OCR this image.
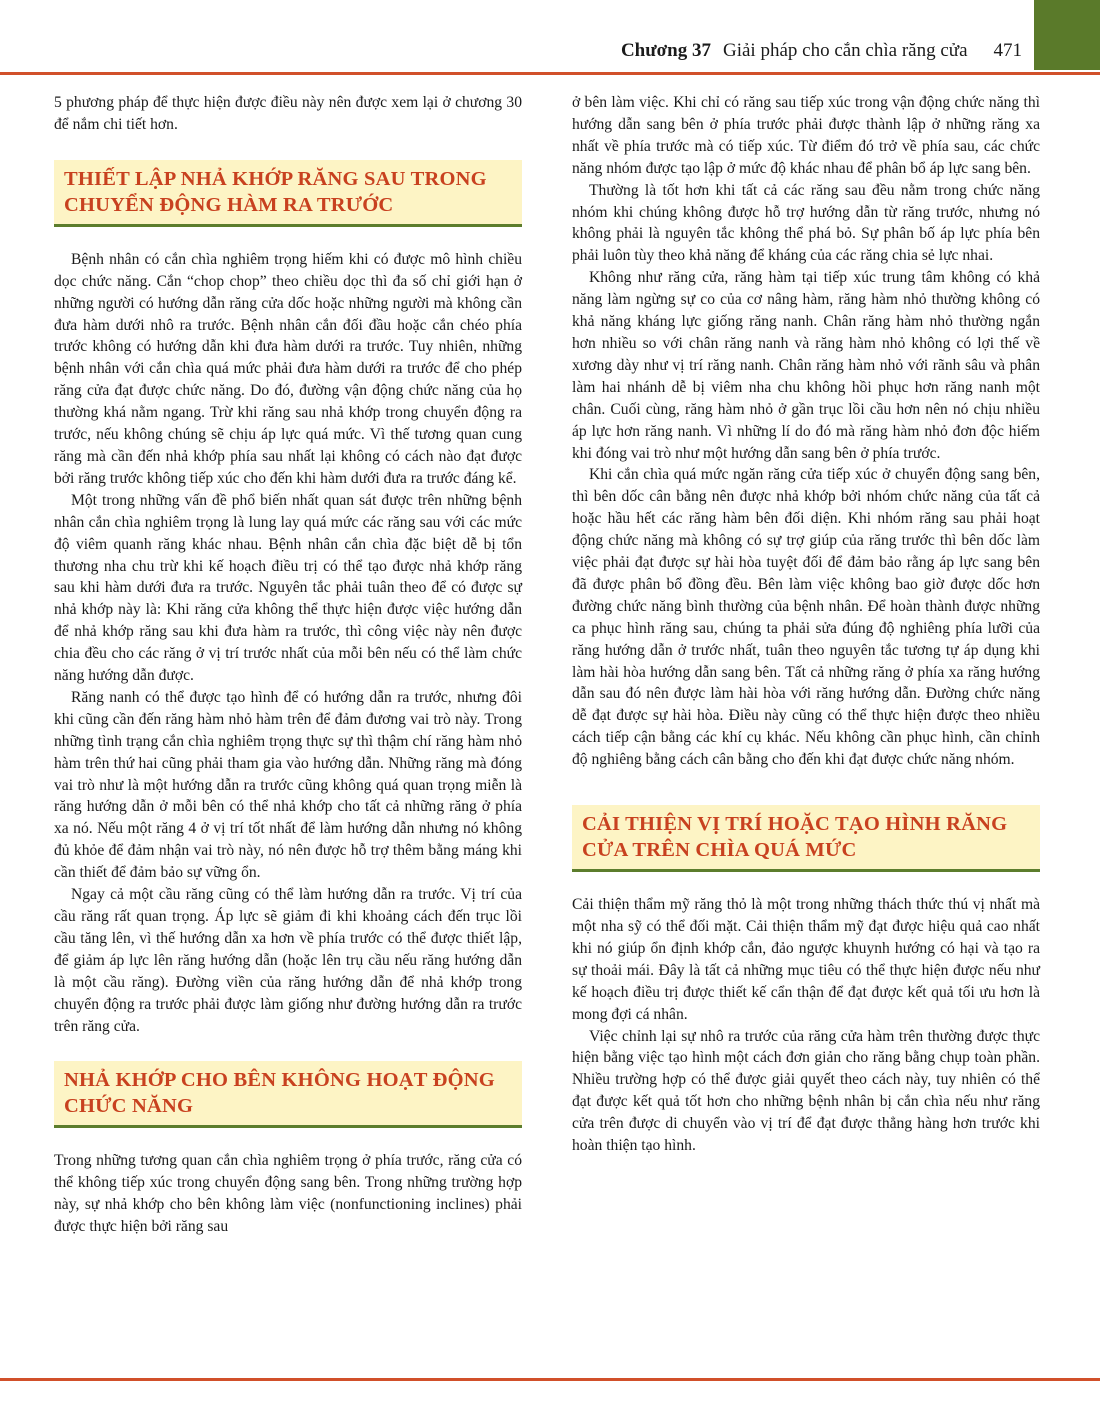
Chương 37 Giải pháp cho cắn chìa răng cửa 471

5 phương pháp để thực hiện được điều này nên được xem lại ở chương 30 để nắm chi tiết hơn.

THIẾT LẬP NHẢ KHỚP RĂNG SAU TRONG CHUYỂN ĐỘNG HÀM RA TRƯỚC

Bệnh nhân có cắn chìa nghiêm trọng hiếm khi có được mô hình chiều dọc chức năng. Cắn “chop chop” theo chiều dọc thì đa số chỉ giới hạn ở những người có hướng dẫn răng cửa dốc hoặc những người mà không cần đưa hàm dưới nhô ra trước. Bệnh nhân cắn đối đầu hoặc cắn chéo phía trước không có hướng dẫn khi đưa hàm dưới ra trước. Tuy nhiên, những bệnh nhân với cắn chìa quá mức phải đưa hàm dưới ra trước để cho phép răng cửa đạt được chức năng. Do đó, đường vận động chức năng của họ thường khá nằm ngang. Trừ khi răng sau nhả khớp trong chuyển động ra trước, nếu không chúng sẽ chịu áp lực quá mức. Vì thế tương quan cung răng mà cần đến nhả khớp phía sau nhất lại không có cách nào đạt được bởi răng trước không tiếp xúc cho đến khi hàm dưới đưa ra trước đáng kể.

Một trong những vấn đề phổ biến nhất quan sát được trên những bệnh nhân cắn chìa nghiêm trọng là lung lay quá mức các răng sau với các mức độ viêm quanh răng khác nhau. Bệnh nhân cắn chìa đặc biệt dễ bị tổn thương nha chu trừ khi kế hoạch điều trị có thể tạo được nhả khớp răng sau khi hàm dưới đưa ra trước. Nguyên tắc phải tuân theo để có được sự nhả khớp này là: Khi răng cửa không thể thực hiện được việc hướng dẫn để nhả khớp răng sau khi đưa hàm ra trước, thì công việc này nên được chia đều cho các răng ở vị trí trước nhất của mỗi bên nếu có thể làm chức năng hướng dẫn được.

Răng nanh có thể được tạo hình để có hướng dẫn ra trước, nhưng đôi khi cũng cần đến răng hàm nhỏ hàm trên để đảm đương vai trò này. Trong những tình trạng cắn chìa nghiêm trọng thực sự thì thậm chí răng hàm nhỏ hàm trên thứ hai cũng phải tham gia vào hướng dẫn. Những răng mà đóng vai trò như là một hướng dẫn ra trước cũng không quá quan trọng miễn là răng hướng dẫn ở mỗi bên có thể nhả khớp cho tất cả những răng ở phía xa nó. Nếu một răng 4 ở vị trí tốt nhất để làm hướng dẫn nhưng nó không đủ khỏe để đảm nhận vai trò này, nó nên được hỗ trợ thêm bằng máng khi cần thiết để đảm bảo sự vững ổn.

Ngay cả một cầu răng cũng có thể làm hướng dẫn ra trước. Vị trí của cầu răng rất quan trọng. Áp lực sẽ giảm đi khi khoảng cách đến trục lồi cầu tăng lên, vì thế hướng dẫn xa hơn về phía trước có thể được thiết lập, để giảm áp lực lên răng hướng dẫn (hoặc lên trụ cầu nếu răng hướng dẫn là một cầu răng). Đường viền của răng hướng dẫn để nhả khớp trong chuyển động ra trước phải được làm giống như đường hướng dẫn ra trước trên răng cửa.

NHẢ KHỚP CHO BÊN KHÔNG HOẠT ĐỘNG CHỨC NĂNG

Trong những tương quan cắn chìa nghiêm trọng ở phía trước, răng cửa có thể không tiếp xúc trong chuyển động sang bên. Trong những trường hợp này, sự nhả khớp cho bên không làm việc (nonfunctioning inclines) phải được thực hiện bởi răng sau

ở bên làm việc. Khi chỉ có răng sau tiếp xúc trong vận động chức năng thì hướng dẫn sang bên ở phía trước phải được thành lập ở những răng xa nhất về phía trước mà có tiếp xúc. Từ điểm đó trở về phía sau, các chức năng nhóm được tạo lập ở mức độ khác nhau để phân bổ áp lực sang bên.

Thường là tốt hơn khi tất cả các răng sau đều nằm trong chức năng nhóm khi chúng không được hỗ trợ hướng dẫn từ răng trước, nhưng nó không phải là nguyên tắc không thể phá bỏ. Sự phân bố áp lực phía bên phải luôn tùy theo khả năng để kháng của các răng chia sẻ lực nhai.

Không như răng cửa, răng hàm tại tiếp xúc trung tâm không có khả năng làm ngừng sự co của cơ nâng hàm, răng hàm nhỏ thường không có khả năng kháng lực giống răng nanh. Chân răng hàm nhỏ thường ngắn hơn nhiều so với chân răng nanh và răng hàm nhỏ không có lợi thế về xương dày như vị trí răng nanh. Chân răng hàm nhỏ với rãnh sâu và phân làm hai nhánh dễ bị viêm nha chu không hồi phục hơn răng nanh một chân. Cuối cùng, răng hàm nhỏ ở gần trục lồi cầu hơn nên nó chịu nhiều áp lực hơn răng nanh. Vì những lí do đó mà răng hàm nhỏ đơn độc hiếm khi đóng vai trò như một hướng dẫn sang bên ở phía trước.

Khi cắn chìa quá mức ngăn răng cửa tiếp xúc ở chuyển động sang bên, thì bên dốc cân bằng nên được nhả khớp bởi nhóm chức năng của tất cả hoặc hầu hết các răng hàm bên đối diện. Khi nhóm răng sau phải hoạt động chức năng mà không có sự trợ giúp của răng trước thì bên dốc làm việc phải đạt được sự hài hòa tuyệt đối để đảm bảo rằng áp lực sang bên đã được phân bổ đồng đều. Bên làm việc không bao giờ được dốc hơn đường chức năng bình thường của bệnh nhân. Để hoàn thành được những ca phục hình răng sau, chúng ta phải sửa đúng độ nghiêng phía lưỡi của răng hướng dẫn ở trước nhất, tuân theo nguyên tắc tương tự áp dụng khi làm hài hòa hướng dẫn sang bên. Tất cả những răng ở phía xa răng hướng dẫn sau đó nên được làm hài hòa với răng hướng dẫn. Đường chức năng dễ đạt được sự hài hòa. Điều này cũng có thể thực hiện được theo nhiều cách tiếp cận bằng các khí cụ khác. Nếu không cần phục hình, cần chỉnh độ nghiêng bằng cách cân bằng cho đến khi đạt được chức năng nhóm.

CẢI THIỆN VỊ TRÍ HOẶC TẠO HÌNH RĂNG CỬA TRÊN CHÌA QUÁ MỨC

Cải thiện thẩm mỹ răng thỏ là một trong những thách thức thú vị nhất mà một nha sỹ có thể đối mặt. Cải thiện thẩm mỹ đạt được hiệu quả cao nhất khi nó giúp ổn định khớp cắn, đảo ngược khuynh hướng có hại và tạo ra sự thoải mái. Đây là tất cả những mục tiêu có thể thực hiện được nếu như kế hoạch điều trị được thiết kế cẩn thận để đạt được kết quả tối ưu hơn là mong đợi cá nhân.

Việc chỉnh lại sự nhô ra trước của răng cửa hàm trên thường được thực hiện bằng việc tạo hình một cách đơn giản cho răng bằng chụp toàn phần. Nhiều trường hợp có thể được giải quyết theo cách này, tuy nhiên có thể đạt được kết quả tốt hơn cho những bệnh nhân bị cắn chìa nếu như răng cửa trên được di chuyển vào vị trí để đạt được thẳng hàng hơn trước khi hoàn thiện tạo hình.
